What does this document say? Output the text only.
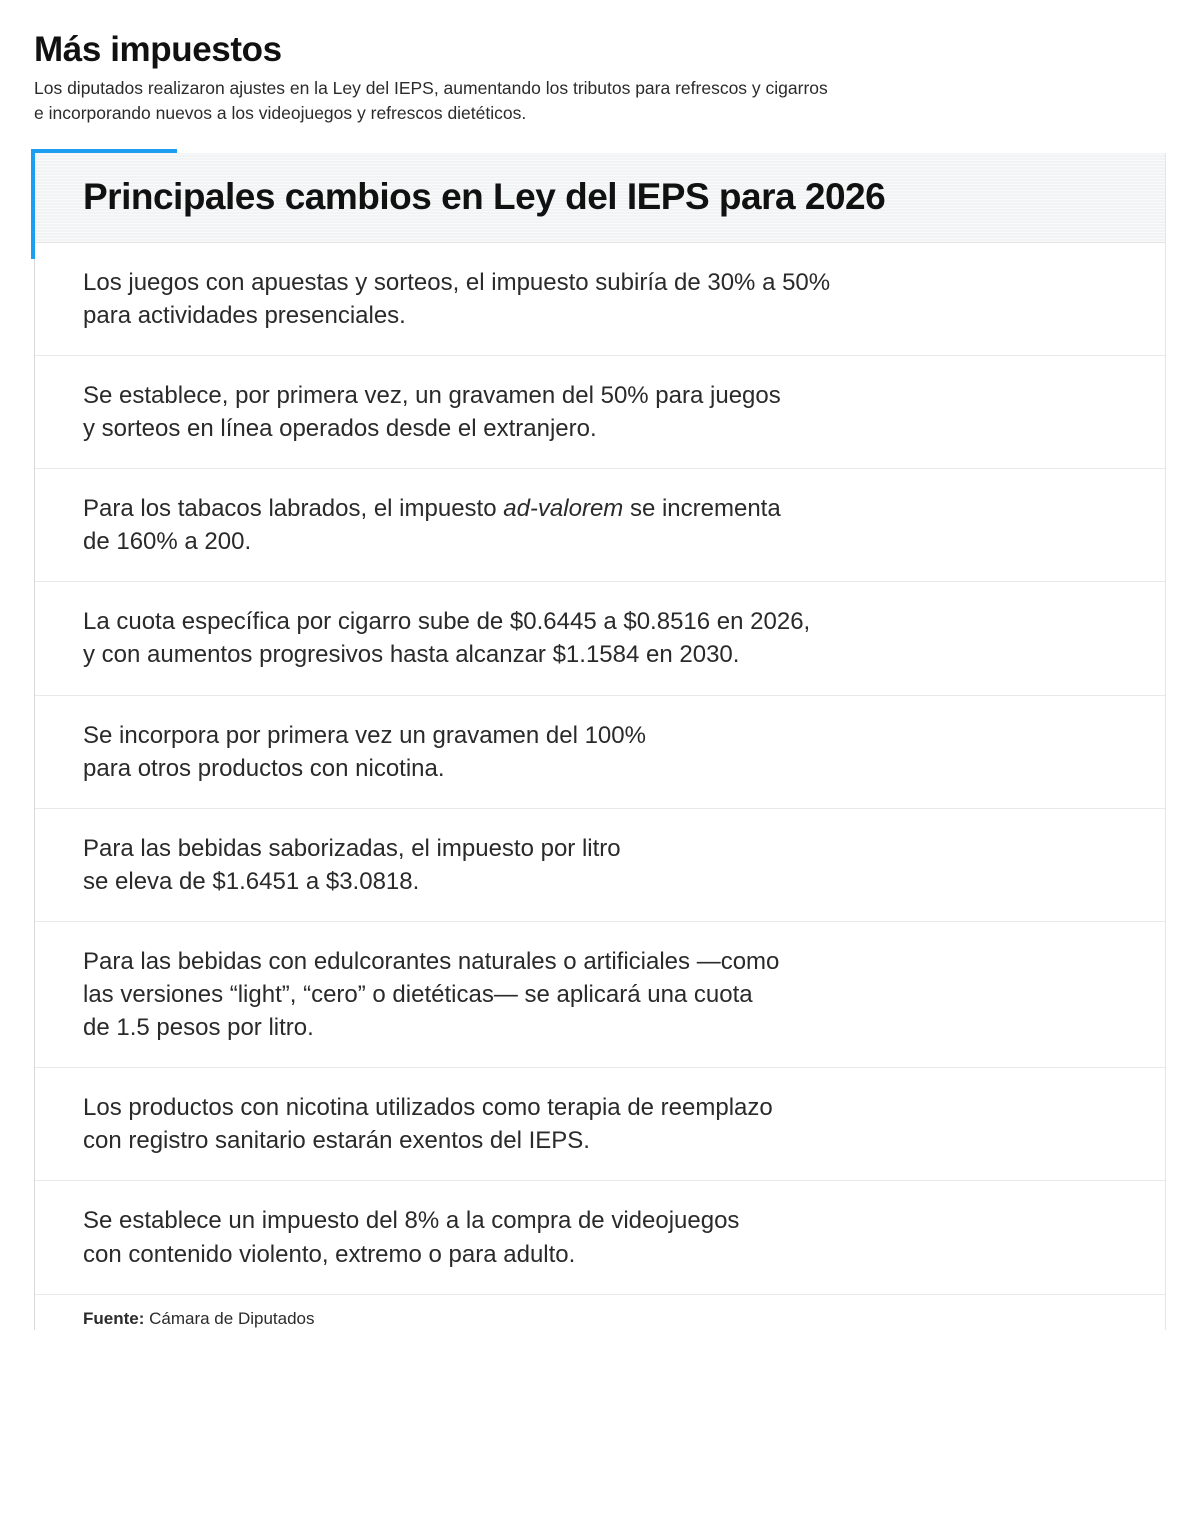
Más impuestos

Los diputados realizaron ajustes en la Ley del IEPS, aumentando los tributos para refrescos y cigarros
e incorporando nuevos a los videojuegos y refrescos dietéticos.

Principales cambios en Ley del IEPS para 2026
Los juegos con apuestas y sorteos, el impuesto subiría de 30% a 50%
para actividades presenciales.
Se establece, por primera vez, un gravamen del 50% para juegos
y sorteos en línea operados desde el extranjero.
Para los tabacos labrados, el impuesto ad-valorem se incrementa
de 160% a 200.
La cuota específica por cigarro sube de $0.6445 a $0.8516 en 2026,
y con aumentos progresivos hasta alcanzar $1.1584 en 2030.
Se incorpora por primera vez un gravamen del 100%
para otros productos con nicotina.
Para las bebidas saborizadas, el impuesto por litro
se eleva de $1.6451 a $3.0818.
Para las bebidas con edulcorantes naturales o artificiales —como
las versiones “light”, “cero” o dietéticas— se aplicará una cuota
de 1.5 pesos por litro.
Los productos con nicotina utilizados como terapia de reemplazo
con registro sanitario estarán exentos del IEPS.
Se establece un impuesto del 8% a la compra de videojuegos
con contenido violento, extremo o para adulto.
Fuente: Cámara de Diputados
